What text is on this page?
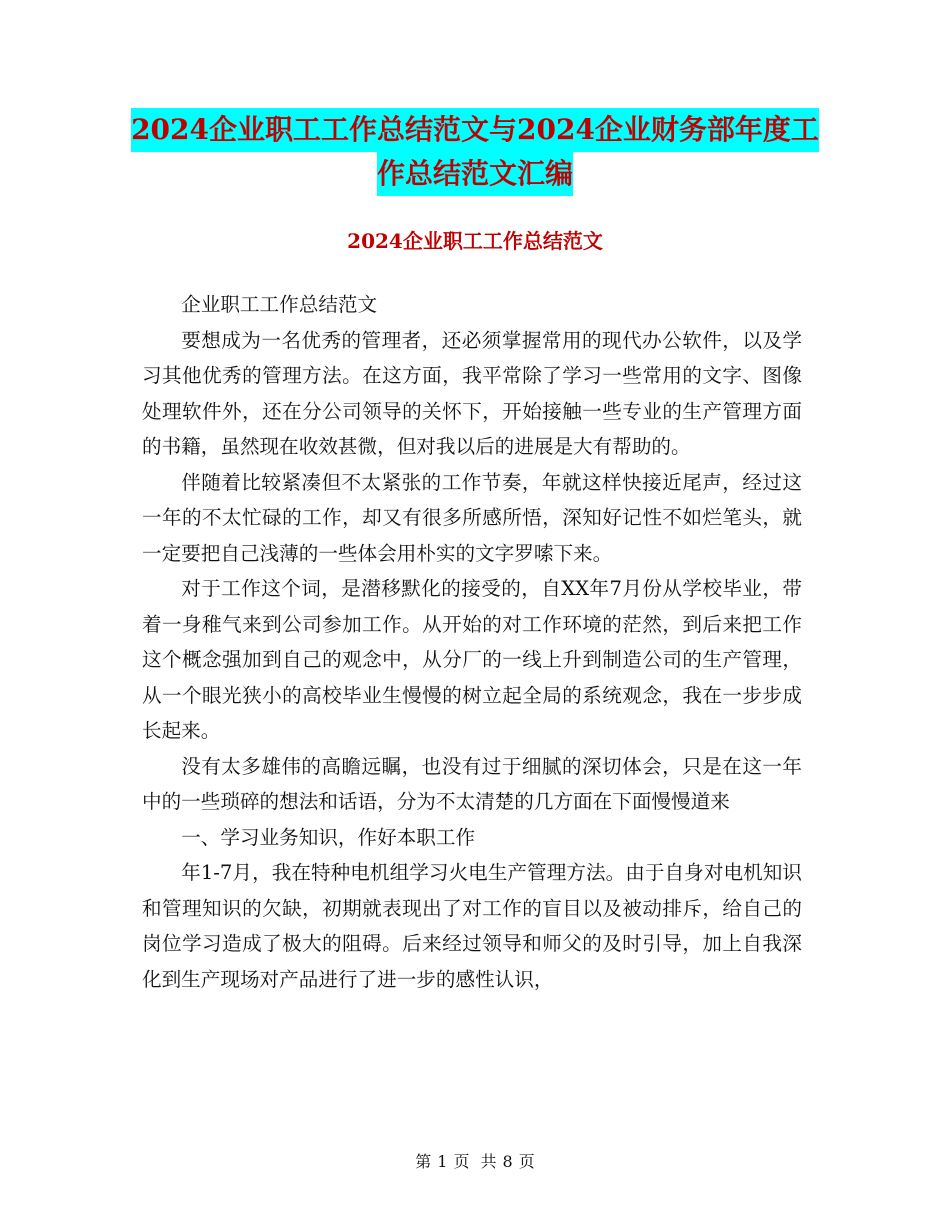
2024企业职工工作总结范文与2024企业财务部年度工
作总结范文汇编
2024企业职工工作总结范文

企业职工工作总结范文

要想成为一名优秀的管理者，还必须掌握常用的现代办公软件，以及学习其他优秀的管理方法。在这方面，我平常除了学习一些常用的文字、图像处理软件外，还在分公司领导的关怀下，开始接触一些专业的生产管理方面的书籍，虽然现在收效甚微，但对我以后的进展是大有帮助的。

伴随着比较紧凑但不太紧张的工作节奏，年就这样快接近尾声，经过这一年的不太忙碌的工作，却又有很多所感所悟，深知好记性不如烂笔头，就一定要把自己浅薄的一些体会用朴实的文字罗嗦下来。

对于工作这个词，是潜移默化的接受的，自XX年7月份从学校毕业，带着一身稚气来到公司参加工作。从开始的对工作环境的茫然，到后来把工作这个概念强加到自己的观念中，从分厂的一线上升到制造公司的生产管理，从一个眼光狭小的高校毕业生慢慢的树立起全局的系统观念，我在一步步成长起来。

没有太多雄伟的高瞻远瞩，也没有过于细腻的深切体会，只是在这一年中的一些琐碎的想法和话语，分为不太清楚的几方面在下面慢慢道来

一、学习业务知识，作好本职工作

年1-7月，我在特种电机组学习火电生产管理方法。由于自身对电机知识和管理知识的欠缺，初期就表现出了对工作的盲目以及被动排斥，给自己的岗位学习造成了极大的阻碍。后来经过领导和师父的及时引导，加上自我深化到生产现场对产品进行了进一步的感性认识，

第 1 页 共 8 页
